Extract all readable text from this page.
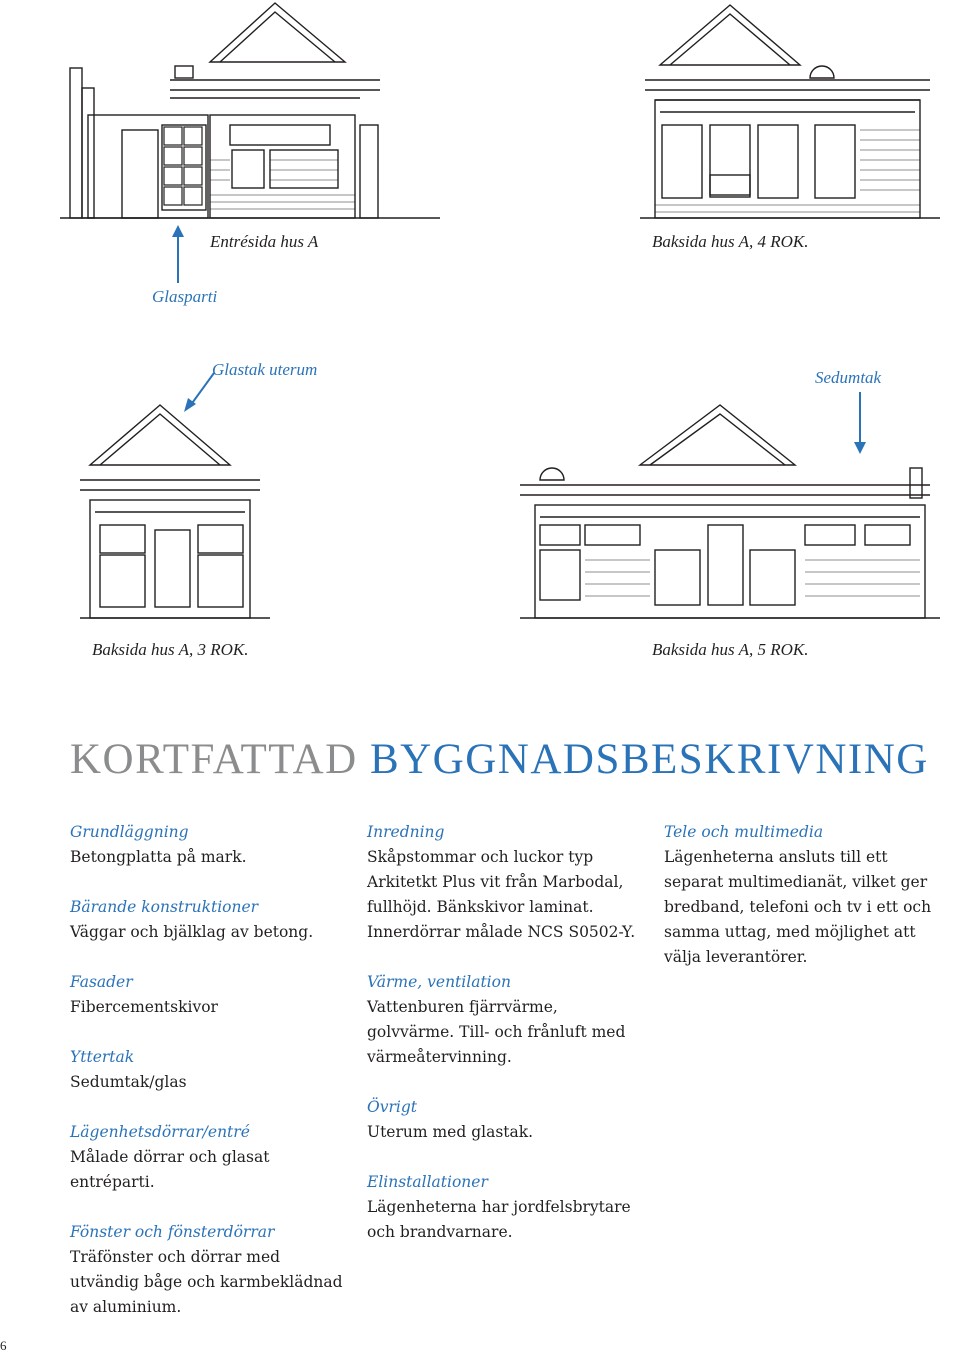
Entrésida hus A	Baksida hus A, 4 ROK.
Baksida hus A, 3 ROK.	Baksida hus A, 5 ROK.
Glasparti
Glastak uterum	Sedumtak
KORTFATTAD BYGGNADSBESKRIVNING
Grundläggning
Betongplatta på mark.
Bärande konstruktioner
Väggar och bjälklag av betong.
Fasader
Fibercementskivor
Yttertak
Sedumtak/glas
Lägenhetsdörrar/entré
Målade dörrar och glasat entréparti.
Fönster och fönsterdörrar
Träfönster och dörrar med
utvändig båge och karmbeklädnad
av aluminium.
Inredning
Skåpstommar och luckor typ
Arkitetkt Plus vit från Marbodal,
fullhöjd. Bänkskivor laminat.
Innerdörrar målade NCS S0502-Y.
Värme, ventilation
Vattenburen fjärrvärme,
golvvärme. Till- och frånluft med
värmeåtervinning.
Övrigt
Uterum med glastak.
Elinstallationer
Lägenheterna har jordfelsbrytare
och brandvarnare.
Tele och multimedia
Lägenheterna ansluts till ett
separat multimedianät, vilket ger
bredband, telefoni och tv i ett och
samma uttag, med möjlighet att
välja leverantörer.
6
